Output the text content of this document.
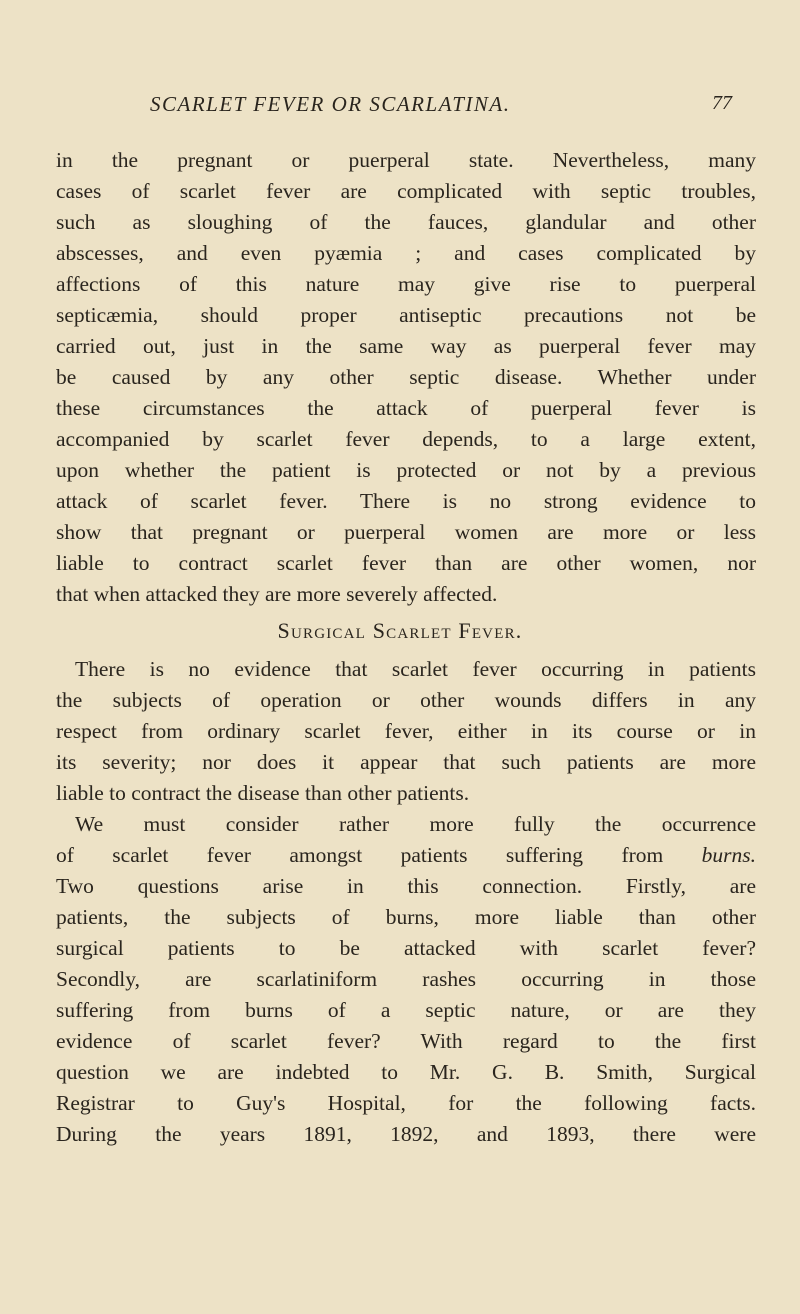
SCARLET FEVER OR SCARLATINA.	77
in the pregnant or puerperal state. Nevertheless, many
cases of scarlet fever are complicated with septic troubles,
such as sloughing of the fauces, glandular and other
abscesses, and even pyæmia ; and cases complicated by
affections of this nature may give rise to puerperal
septicæmia, should proper antiseptic precautions not be
carried out, just in the same way as puerperal fever may
be caused by any other septic disease. Whether under
these circumstances the attack of puerperal fever is
accompanied by scarlet fever depends, to a large extent,
upon whether the patient is protected or not by a previous
attack of scarlet fever. There is no strong evidence to
show that pregnant or puerperal women are more or less
liable to contract scarlet fever than are other women, nor
that when attacked they are more severely affected.
Surgical Scarlet Fever.
There is no evidence that scarlet fever occurring in patients
the subjects of operation or other wounds differs in any
respect from ordinary scarlet fever, either in its course or in
its severity; nor does it appear that such patients are more
liable to contract the disease than other patients.
We must consider rather more fully the occurrence
of scarlet fever amongst patients suffering from burns.
Two questions arise in this connection. Firstly, are
patients, the subjects of burns, more liable than other
surgical patients to be attacked with scarlet fever?
Secondly, are scarlatiniform rashes occurring in those
suffering from burns of a septic nature, or are they
evidence of scarlet fever? With regard to the first
question we are indebted to Mr. G. B. Smith, Surgical
Registrar to Guy's Hospital, for the following facts.
During the years 1891, 1892, and 1893, there were
